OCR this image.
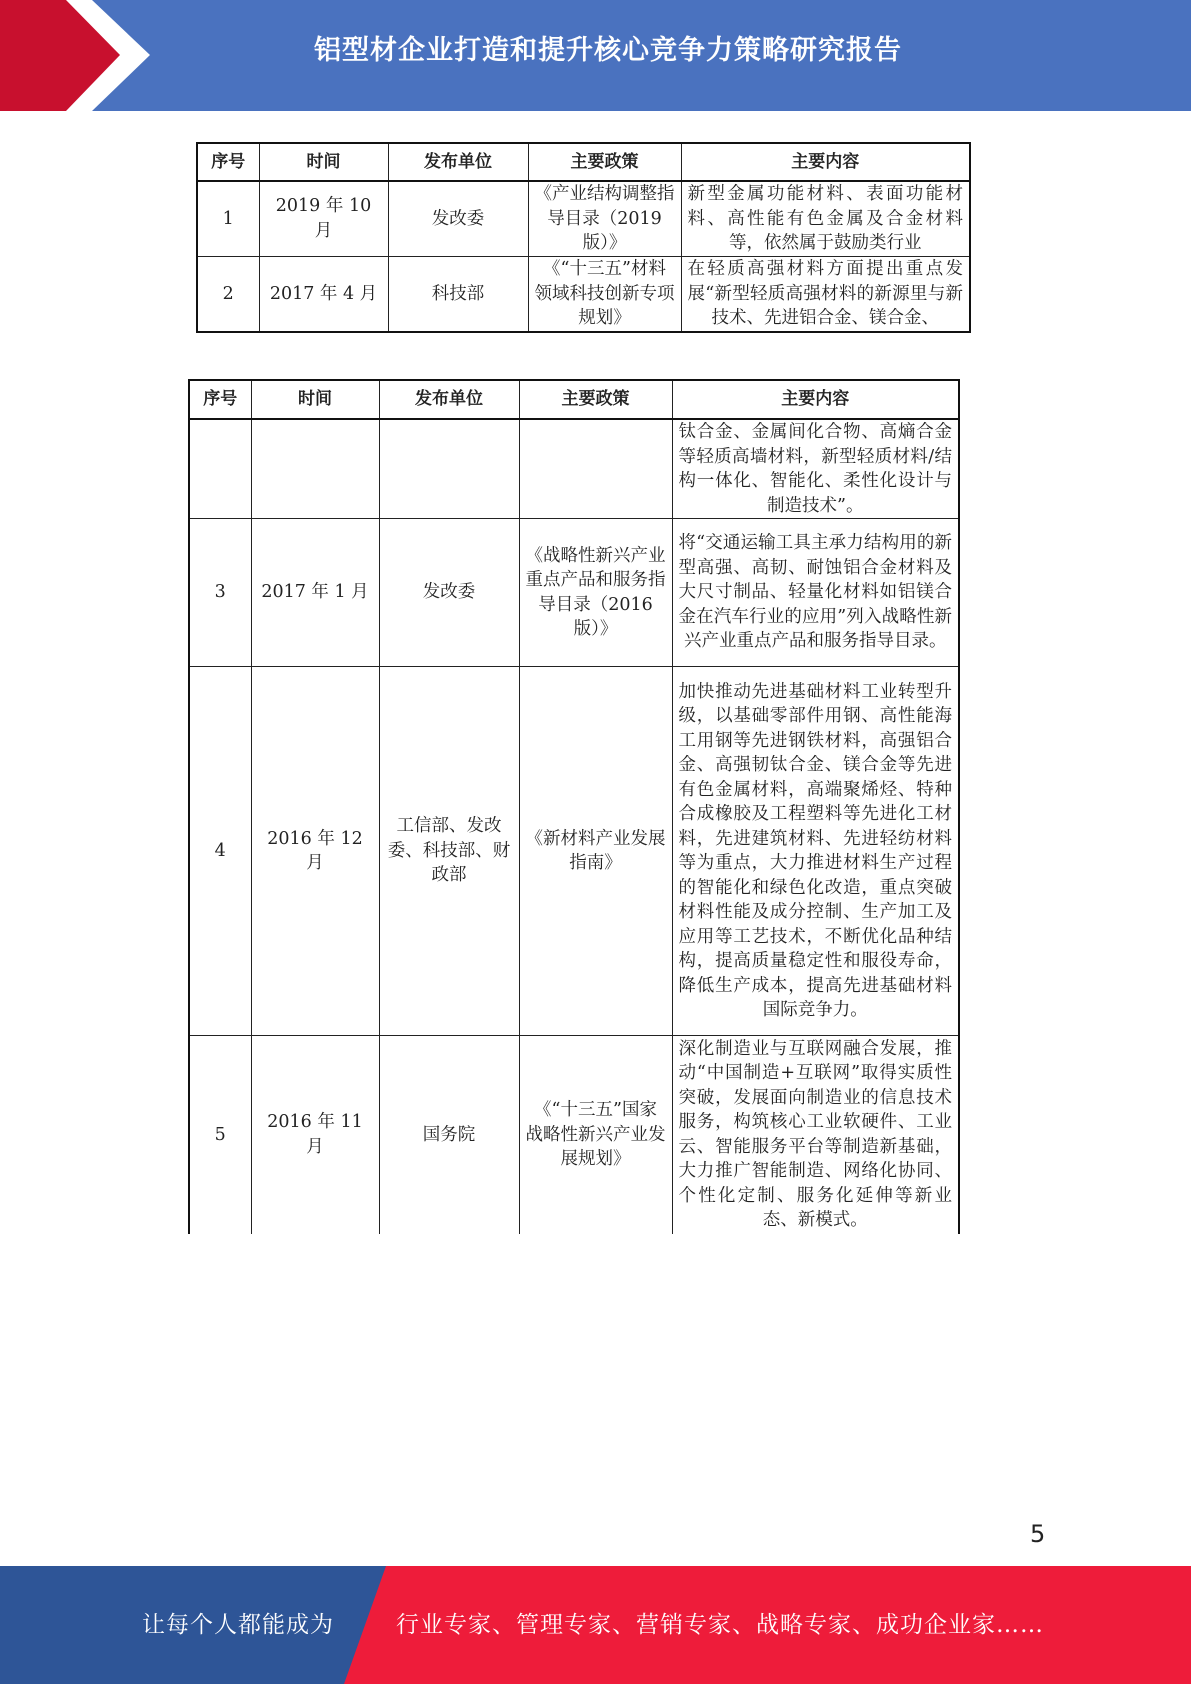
铝型材企业打造和提升核心竞争力策略研究报告
序号	时间	发布单位	主要政策	主要内容
1	2019 年 10 月	发改委	《产业结构调整指导目录（2019 版）》	新型金属功能材料、表面功能材料、高性能有色金属及合金材料等，依然属于鼓励类行业
2	2017 年 4 月	科技部	《“十三五”材料领域科技创新专项规划》	在轻质高强材料方面提出重点发展“新型轻质高强材料的新源里与新技术、先进铝合金、镁合金、
序号	时间	发布单位	主要政策	主要内容
				钛合金、金属间化合物、高熵合金等轻质高墙材料，新型轻质材料/结构一体化、智能化、柔性化设计与制造技术”。
3	2017 年 1 月	发改委	《战略性新兴产业重点产品和服务指导目录（2016 版）》	将“交通运输工具主承力结构用的新型高强、高韧、耐蚀铝合金材料及大尺寸制品、轻量化材料如铝镁合金在汽车行业的应用”列入战略性新兴产业重点产品和服务指导目录。
4	2016 年 12 月	工信部、发改委、科技部、财政部	《新材料产业发展指南》	加快推动先进基础材料工业转型升级，以基础零部件用钢、高性能海工用钢等先进钢铁材料，高强铝合金、高强韧钛合金、镁合金等先进有色金属材料，高端聚烯烃、特种合成橡胶及工程塑料等先进化工材料，先进建筑材料、先进轻纺材料等为重点，大力推进材料生产过程的智能化和绿色化改造，重点突破材料性能及成分控制、生产加工及应用等工艺技术，不断优化品种结构，提高质量稳定性和服役寿命，降低生产成本，提高先进基础材料国际竞争力。
5	2016 年 11 月	国务院	《“十三五”国家战略性新兴产业发展规划》	深化制造业与互联网融合发展，推动“中国制造+互联网”取得实质性突破，发展面向制造业的信息技术服务，构筑核心工业软硬件、工业云、智能服务平台等制造新基础，大力推广智能制造、网络化协同、个性化定制、服务化延伸等新业态、新模式。
5
让每个人都能成为	行业专家、管理专家、营销专家、战略专家、成功企业家……
